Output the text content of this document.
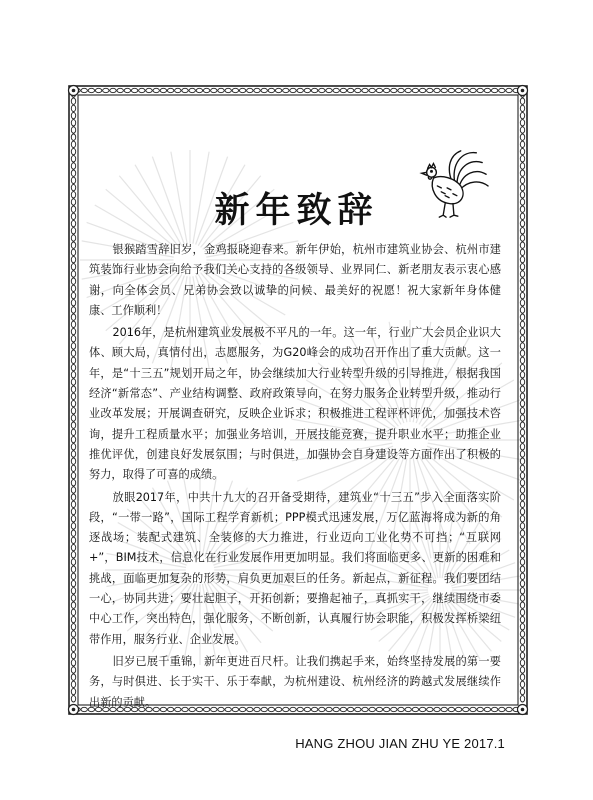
新年致辞

银猴踏雪辞旧岁，金鸡报晓迎春来。新年伊始，杭州市建筑业协会、杭州市建筑装饰行业协会向给予我们关心支持的各级领导、业界同仁、新老朋友表示衷心感谢，向全体会员、兄弟协会致以诚挚的问候、最美好的祝愿！祝大家新年身体健康、工作顺利！

2016年，是杭州建筑业发展极不平凡的一年。这一年，行业广大会员企业识大体、顾大局，真情付出，志愿服务，为G20峰会的成功召开作出了重大贡献。这一年，是“十三五”规划开局之年，协会继续加大行业转型升级的引导推进，根据我国经济“新常态”、产业结构调整、政府政策导向，在努力服务企业转型升级，推动行业改革发展；开展调查研究，反映企业诉求；积极推进工程评杯评优，加强技术咨询，提升工程质量水平；加强业务培训，开展技能竞赛，提升职业水平；助推企业推优评优，创建良好发展氛围；与时俱进，加强协会自身建设等方面作出了积极的努力，取得了可喜的成绩。

放眼2017年，中共十九大的召开备受期待，建筑业“十三五”步入全面落实阶段，“一带一路”，国际工程学育新机；PPP模式迅速发展，万亿蓝海将成为新的角逐战场；装配式建筑、全装修的大力推进，行业迈向工业化势不可挡；“互联网+”，BIM技术，信息化在行业发展作用更加明显。我们将面临更多、更新的困难和挑战，面临更加复杂的形势，肩负更加艰巨的任务。新起点，新征程。我们要团结一心，协同共进；要壮起胆子，开拓创新；要撸起袖子，真抓实干，继续围绕市委中心工作，突出特色，强化服务，不断创新，认真履行协会职能，积极发挥桥梁纽带作用，服务行业、企业发展。

旧岁已展千重锦，新年更进百尺杆。让我们携起手来，始终坚持发展的第一要务，与时俱进、长于实干、乐于奉献，为杭州建设、杭州经济的跨越式发展继续作出新的贡献。

HANG ZHOU JIAN ZHU YE 2017.1
